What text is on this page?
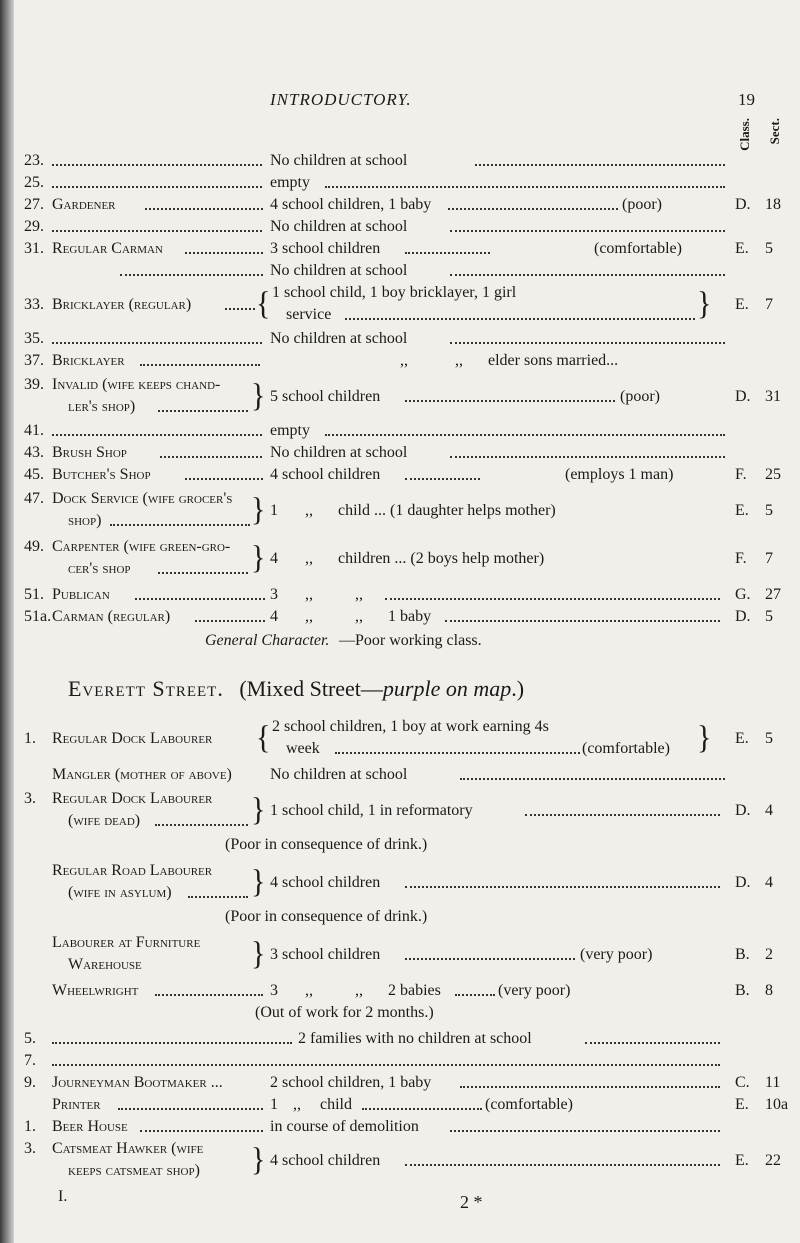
INTRODUCTORY.	19
Class. Sect.
23.	No children at school
25.	empty
27. Gardener	4 school children, 1 baby	(poor)	D. 18
29.	No children at school
31. Regular Carman	3 school children	(comfortable)	E. 5
No children at school
33. Bricklayer (regular) { 1 school child, 1 boy bricklayer, 1 girl
service	} E. 7
35.	No children at school
37. Bricklayer	,,	,, elder sons married...
39. Invalid (wife keeps chand-
ler's shop)	} 5 school children	(poor)	D. 31
41.	empty
43. Brush Shop	No children at school
45. Butcher's Shop	4 school children	(employs 1 man)	F. 25
47. Dock Service (wife grocer's
shop)	} 1 ,, child ... (1 daughter helps mother)	E. 5
49. Carpenter (wife green-gro-
cer's shop	} 4 ,, children ... (2 boys help mother)	F. 7
51. Publican	3 ,,	,,	G. 27
51a. Carman (regular)	4 ,,	,, 1 baby	D. 5
General Character. —Poor working class.
Everett Street. (Mixed Street—purple on map.)
1. Regular Dock Labourer { 2 school children, 1 boy at work earning 4s
week	(comfortable) } E. 5
Mangler (mother of above) No children at school
3. Regular Dock Labourer
(wife dead)	} 1 school child, 1 in reformatory	D. 4
(Poor in consequence of drink.)
Regular Road Labourer
(wife in asylum)	} 4 school children	D. 4
(Poor in consequence of drink.)
Labourer at Furniture
Warehouse	} 3 school children	(very poor)	B. 2
Wheelwright	3 ,,	,, 2 babies	(very poor)	B. 8
(Out of work for 2 months.)
5.	2 families with no children at school
7.
9. Journeyman Bootmaker ...	2 school children, 1 baby	C. 11
Printer	1 ,, child	(comfortable)	E. 10a
1. Beer House	in course of demolition
3. Catsmeat Hawker (wife
keeps catsmeat shop) } 4 school children	E. 22
I.	2 *
